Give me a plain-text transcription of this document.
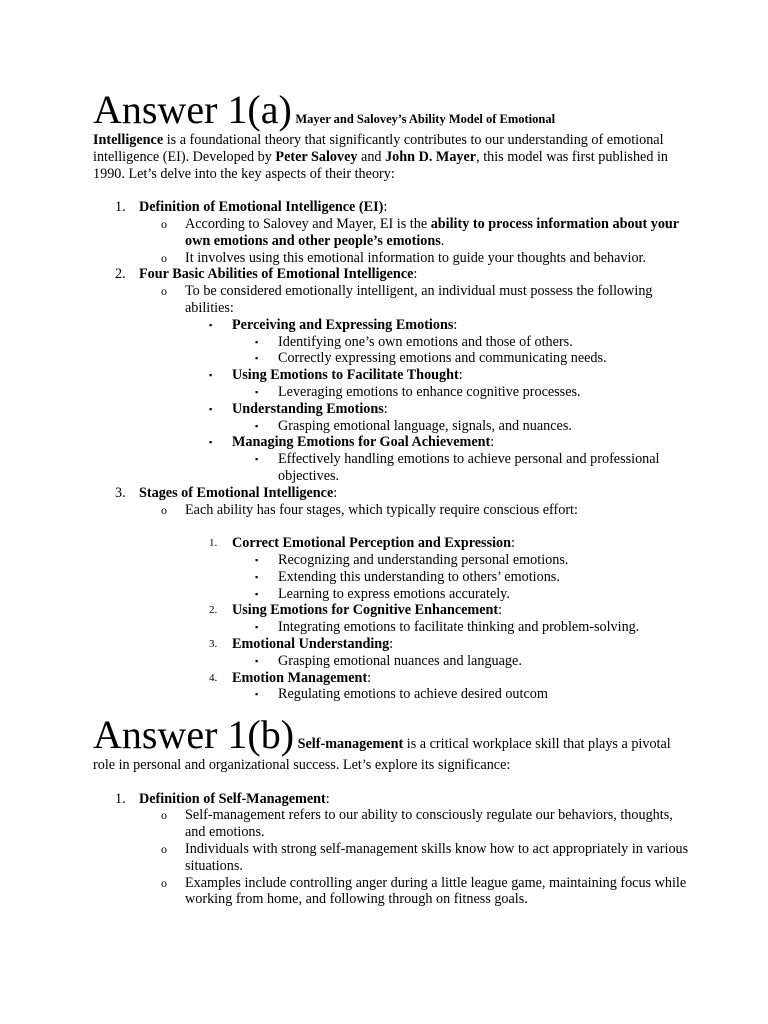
Answer 1(a) Mayer and Salovey’s Ability Model of Emotional

Intelligence is a foundational theory that significantly contributes to our understanding of emotional intelligence (EI). Developed by Peter Salovey and John D. Mayer, this model was first published in 1990. Let’s delve into the key aspects of their theory:

1. Definition of Emotional Intelligence (EI):
o According to Salovey and Mayer, EI is the ability to process information about your own emotions and other people’s emotions.
o It involves using this emotional information to guide your thoughts and behavior.
2. Four Basic Abilities of Emotional Intelligence:
o To be considered emotionally intelligent, an individual must possess the following abilities:
▪ Perceiving and Expressing Emotions:
▪ Identifying one’s own emotions and those of others.
▪ Correctly expressing emotions and communicating needs.
▪ Using Emotions to Facilitate Thought:
▪ Leveraging emotions to enhance cognitive processes.
▪ Understanding Emotions:
▪ Grasping emotional language, signals, and nuances.
▪ Managing Emotions for Goal Achievement:
▪ Effectively handling emotions to achieve personal and professional objectives.
3. Stages of Emotional Intelligence:
o Each ability has four stages, which typically require conscious effort:
1. Correct Emotional Perception and Expression:
▪ Recognizing and understanding personal emotions.
▪ Extending this understanding to others’ emotions.
▪ Learning to express emotions accurately.
2. Using Emotions for Cognitive Enhancement:
▪ Integrating emotions to facilitate thinking and problem-solving.
3. Emotional Understanding:
▪ Grasping emotional nuances and language.
4. Emotion Management:
▪ Regulating emotions to achieve desired outcom
Answer 1(b) Self-management is a critical workplace skill that plays a pivotal role in personal and organizational success. Let’s explore its significance:
1. Definition of Self-Management:
o Self-management refers to our ability to consciously regulate our behaviors, thoughts, and emotions.
o Individuals with strong self-management skills know how to act appropriately in various situations.
o Examples include controlling anger during a little league game, maintaining focus while working from home, and following through on fitness goals.
